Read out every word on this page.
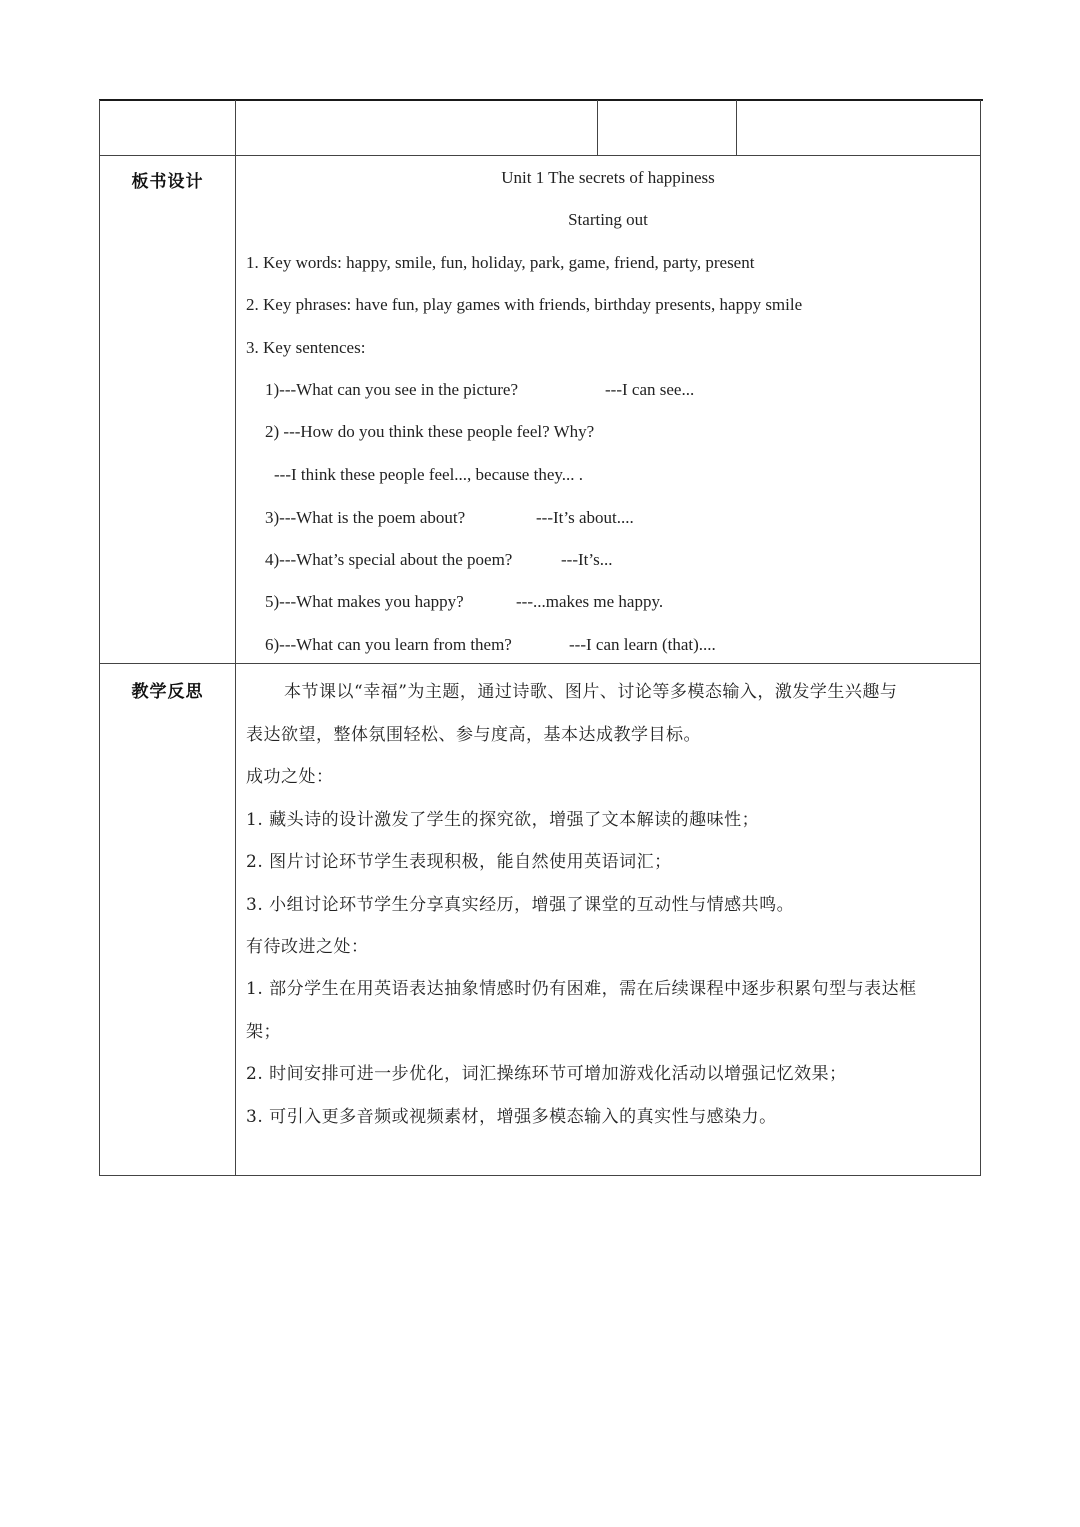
板书设计	Unit 1 The secrets of happiness
Starting out
1. Key words: happy, smile, fun, holiday, park, game, friend, party, present
2. Key phrases: have fun, play games with friends, birthday presents, happy smile
3. Key sentences:
1)---What can you see in the picture?	---I can see...
2) ---How do you think these people feel? Why?
---I think these people feel..., because they... .
3)---What is the poem about?	---It’s about....
4)---What’s special about the poem?	---It’s...
5)---What makes you happy?	---...makes me happy.
6)---What can you learn from them?	---I can learn (that)....
教学反思	本节课以“幸福”为主题，通过诗歌、图片、讨论等多模态输入，激发学生兴趣与
表达欲望，整体氛围轻松、参与度高，基本达成教学目标。
成功之处：
1. 藏头诗的设计激发了学生的探究欲，增强了文本解读的趣味性；
2. 图片讨论环节学生表现积极，能自然使用英语词汇；
3. 小组讨论环节学生分享真实经历，增强了课堂的互动性与情感共鸣。
有待改进之处：
1. 部分学生在用英语表达抽象情感时仍有困难，需在后续课程中逐步积累句型与表达框
架；
2. 时间安排可进一步优化，词汇操练环节可增加游戏化活动以增强记忆效果；
3. 可引入更多音频或视频素材，增强多模态输入的真实性与感染力。
